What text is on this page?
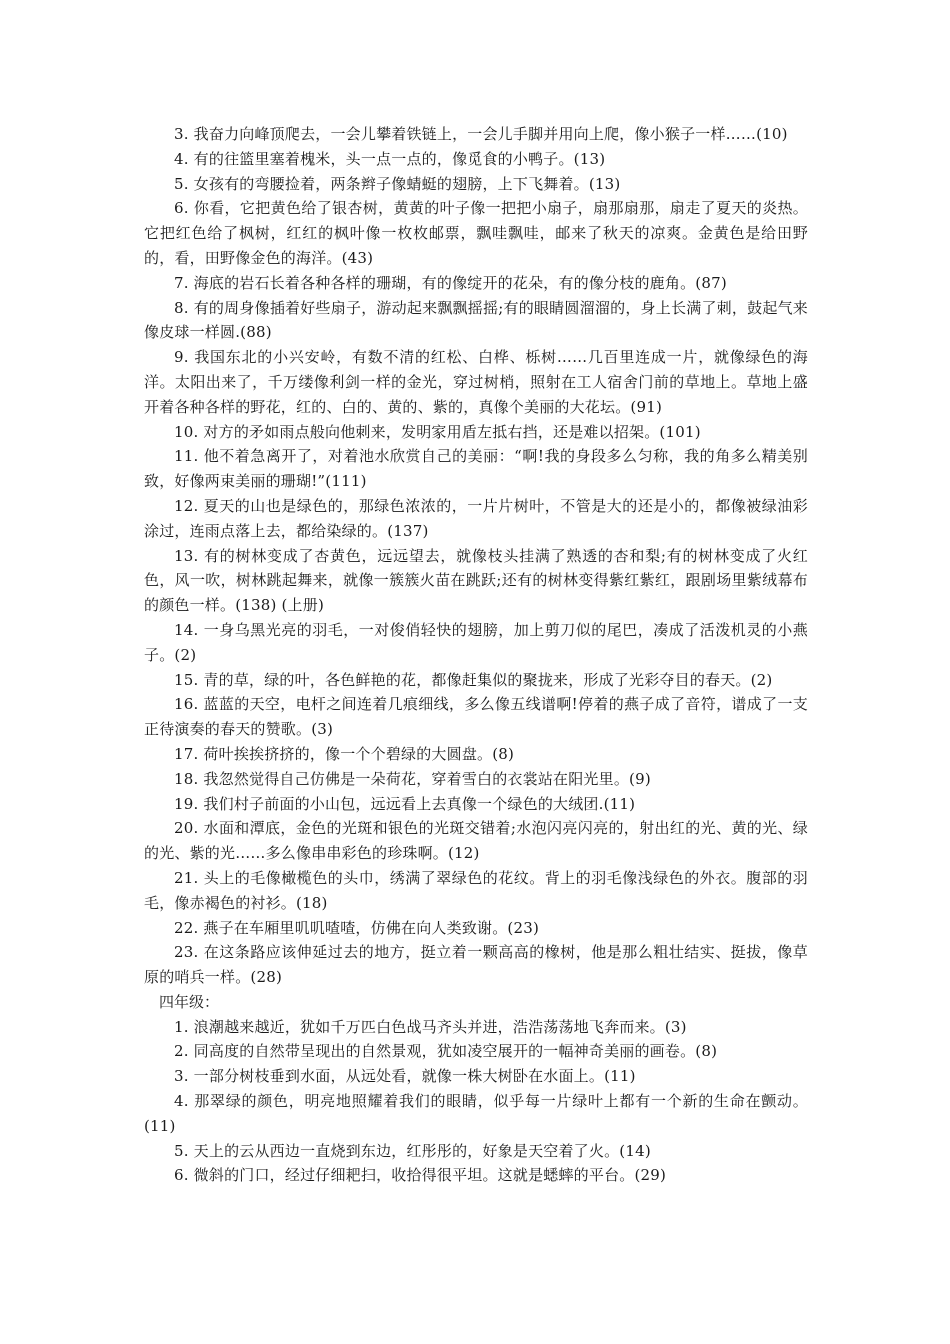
3. 我奋力向峰顶爬去，一会儿攀着铁链上，一会儿手脚并用向上爬，像小猴子一样……(10)

4. 有的往篮里塞着槐米，头一点一点的，像觅食的小鸭子。(13)

5. 女孩有的弯腰捡着，两条辫子像蜻蜓的翅膀，上下飞舞着。(13)

6. 你看，它把黄色给了银杏树，黄黄的叶子像一把把小扇子，扇那扇那，扇走了夏天的炎热。它把红色给了枫树，红红的枫叶像一枚枚邮票，飘哇飘哇，邮来了秋天的凉爽。金黄色是给田野的，看，田野像金色的海洋。(43)

7. 海底的岩石长着各种各样的珊瑚，有的像绽开的花朵，有的像分枝的鹿角。(87)

8. 有的周身像插着好些扇子，游动起来飘飘摇摇;有的眼睛圆溜溜的，身上长满了刺，鼓起气来像皮球一样圆.(88)

9. 我国东北的小兴安岭，有数不清的红松、白桦、栎树……几百里连成一片，就像绿色的海洋。太阳出来了，千万缕像利剑一样的金光，穿过树梢，照射在工人宿舍门前的草地上。草地上盛开着各种各样的野花，红的、白的、黄的、紫的，真像个美丽的大花坛。(91)

10. 对方的矛如雨点般向他刺来，发明家用盾左抵右挡，还是难以招架。(101)

11. 他不着急离开了，对着池水欣赏自己的美丽：“啊!我的身段多么匀称，我的角多么精美别致，好像两束美丽的珊瑚!”(111)

12. 夏天的山也是绿色的，那绿色浓浓的，一片片树叶，不管是大的还是小的，都像被绿油彩涂过，连雨点落上去，都给染绿的。(137)

13. 有的树林变成了杏黄色，远远望去，就像枝头挂满了熟透的杏和梨;有的树林变成了火红色，风一吹，树林跳起舞来，就像一簇簇火苗在跳跃;还有的树林变得紫红紫红，跟剧场里紫绒幕布的颜色一样。(138) (上册)

14. 一身乌黑光亮的羽毛，一对俊俏轻快的翅膀，加上剪刀似的尾巴，凑成了活泼机灵的小燕子。(2)

15. 青的草，绿的叶，各色鲜艳的花，都像赶集似的聚拢来，形成了光彩夺目的春天。(2)

16. 蓝蓝的天空，电杆之间连着几痕细线，多么像五线谱啊!停着的燕子成了音符，谱成了一支正待演奏的春天的赞歌。(3)

17. 荷叶挨挨挤挤的，像一个个碧绿的大圆盘。(8)

18. 我忽然觉得自己仿佛是一朵荷花，穿着雪白的衣裳站在阳光里。(9)

19. 我们村子前面的小山包，远远看上去真像一个绿色的大绒团.(11)

20. 水面和潭底，金色的光斑和银色的光斑交错着;水泡闪亮闪亮的，射出红的光、黄的光、绿的光、紫的光……多么像串串彩色的珍珠啊。(12)

21. 头上的毛像橄榄色的头巾，绣满了翠绿色的花纹。背上的羽毛像浅绿色的外衣。腹部的羽毛，像赤褐色的衬衫。(18)

22. 燕子在车厢里叽叽喳喳，仿佛在向人类致谢。(23)

23. 在这条路应该伸延过去的地方，挺立着一颗高高的橡树，他是那么粗壮结实、挺拔，像草原的哨兵一样。(28)

四年级：

1. 浪潮越来越近，犹如千万匹白色战马齐头并进，浩浩荡荡地飞奔而来。(3)

2. 同高度的自然带呈现出的自然景观，犹如凌空展开的一幅神奇美丽的画卷。(8)

3. 一部分树枝垂到水面，从远处看，就像一株大树卧在水面上。(11)

4. 那翠绿的颜色，明亮地照耀着我们的眼睛，似乎每一片绿叶上都有一个新的生命在颤动。 (11)

5. 天上的云从西边一直烧到东边，红彤彤的，好象是天空着了火。(14)

6. 微斜的门口，经过仔细耙扫，收拾得很平坦。这就是蟋蟀的平台。(29)
